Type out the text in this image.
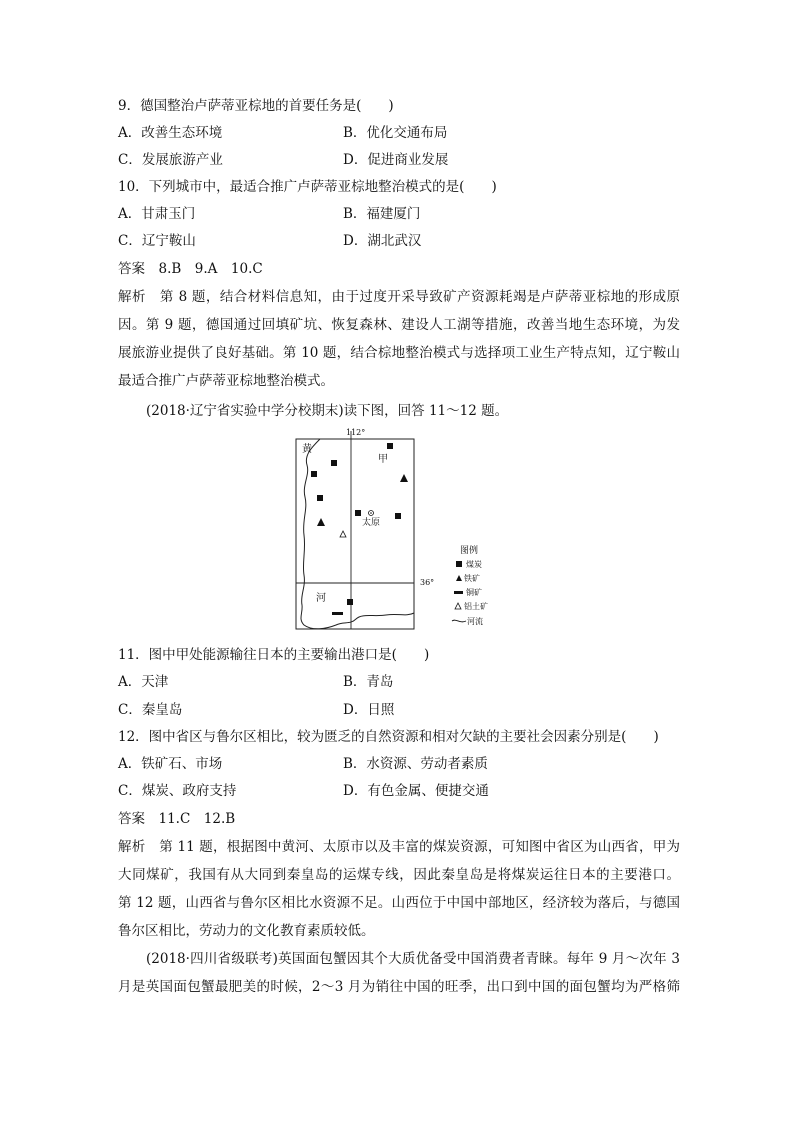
9．德国整治卢萨蒂亚棕地的首要任务是(　　)
A．改善生态环境	B．优化交通布局
C．发展旅游产业	D．促进商业发展
10．下列城市中，最适合推广卢萨蒂亚棕地整治模式的是(　　)
A．甘肃玉门	B．福建厦门
C．辽宁鞍山	D．湖北武汉
答案　8.B　9.A　10.C
解析　第 8 题，结合材料信息知，由于过度开采导致矿产资源耗竭是卢萨蒂亚棕地的形成原
因。第 9 题，德国通过回填矿坑、恢复森林、建设人工湖等措施，改善当地生态环境，为发
展旅游业提供了良好基础。第 10 题，结合棕地整治模式与选择项工业生产特点知，辽宁鞍山
最适合推广卢萨蒂亚棕地整治模式。
(2018·辽宁省实验中学分校期末)读下图，回答 11～12 题。
112°
36°
黄
甲
河
太原
图例
煤炭
铁矿
铜矿
铝土矿
河流
11．图中甲处能源输往日本的主要输出港口是(　　)
A．天津	B．青岛
C．秦皇岛	D．日照
12．图中省区与鲁尔区相比，较为匮乏的自然资源和相对欠缺的主要社会因素分别是(　　)
A．铁矿石、市场	B．水资源、劳动者素质
C．煤炭、政府支持	D．有色金属、便捷交通
答案　11.C　12.B
解析　第 11 题，根据图中黄河、太原市以及丰富的煤炭资源，可知图中省区为山西省，甲为
大同煤矿，我国有从大同到秦皇岛的运煤专线，因此秦皇岛是将煤炭运往日本的主要港口。
第 12 题，山西省与鲁尔区相比水资源不足。山西位于中国中部地区，经济较为落后，与德国
鲁尔区相比，劳动力的文化教育素质较低。
(2018·四川省级联考)英国面包蟹因其个大质优备受中国消费者青睐。每年 9 月～次年 3
月是英国面包蟹最肥美的时候，2～3 月为销往中国的旺季，出口到中国的面包蟹均为严格筛
